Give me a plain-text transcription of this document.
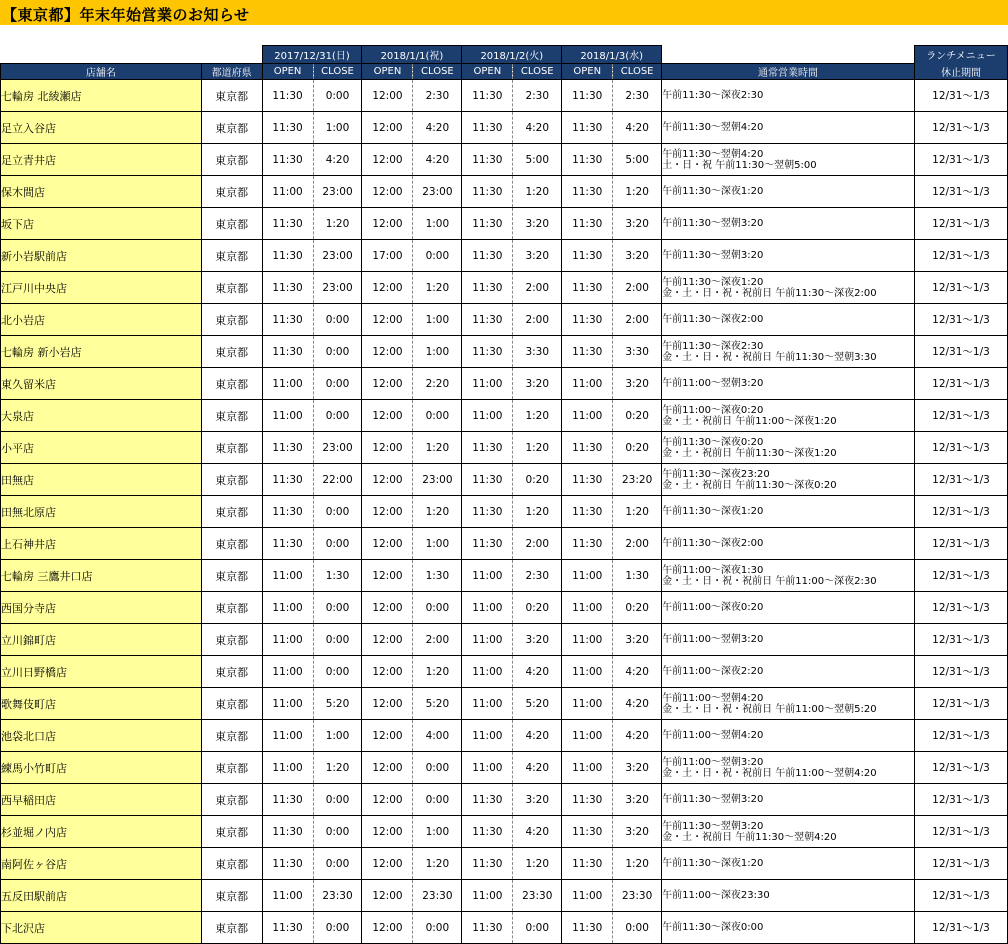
【東京都】年末年始営業のお知らせ
		2017/12/31(日)		2018/1/1(祝)		2018/1/2(火)		2018/1/3(水)			ランチメニュー
店舗名	都道府県	OPEN	CLOSE	OPEN	CLOSE	OPEN	CLOSE	OPEN	CLOSE	通常営業時間	休止期間
七輪房 北綾瀬店	東京都	11:30	0:00	12:00	2:30	11:30	2:30	11:30	2:30	午前11:30～深夜2:30	12/31～1/3
足立入谷店	東京都	11:30	1:00	12:00	4:20	11:30	4:20	11:30	4:20	午前11:30～翌朝4:20	12/31～1/3
足立青井店	東京都	11:30	4:20	12:00	4:20	11:30	5:00	11:30	5:00	午前11:30～翌朝4:20
土・日・祝 午前11:30～翌朝5:00	12/31～1/3
保木間店	東京都	11:00	23:00	12:00	23:00	11:30	1:20	11:30	1:20	午前11:30～深夜1:20	12/31～1/3
坂下店	東京都	11:30	1:20	12:00	1:00	11:30	3:20	11:30	3:20	午前11:30～翌朝3:20	12/31～1/3
新小岩駅前店	東京都	11:30	23:00	17:00	0:00	11:30	3:20	11:30	3:20	午前11:30～翌朝3:20	12/31～1/3
江戸川中央店	東京都	11:30	23:00	12:00	1:20	11:30	2:00	11:30	2:00	午前11:30～深夜1:20
金・土・日・祝・祝前日 午前11:30～深夜2:00	12/31～1/3
北小岩店	東京都	11:30	0:00	12:00	1:00	11:30	2:00	11:30	2:00	午前11:30～深夜2:00	12/31～1/3
七輪房 新小岩店	東京都	11:30	0:00	12:00	1:00	11:30	3:30	11:30	3:30	午前11:30～深夜2:30
金・土・日・祝・祝前日 午前11:30～翌朝3:30	12/31～1/3
東久留米店	東京都	11:00	0:00	12:00	2:20	11:00	3:20	11:00	3:20	午前11:00～翌朝3:20	12/31～1/3
大泉店	東京都	11:00	0:00	12:00	0:00	11:00	1:20	11:00	0:20	午前11:00～深夜0:20
金・土・祝前日 午前11:00～深夜1:20	12/31～1/3
小平店	東京都	11:30	23:00	12:00	1:20	11:30	1:20	11:30	0:20	午前11:30～深夜0:20
金・土・祝前日 午前11:30～深夜1:20	12/31～1/3
田無店	東京都	11:30	22:00	12:00	23:00	11:30	0:20	11:30	23:20	午前11:30～深夜23:20
金・土・祝前日 午前11:30～深夜0:20	12/31～1/3
田無北原店	東京都	11:30	0:00	12:00	1:20	11:30	1:20	11:30	1:20	午前11:30～深夜1:20	12/31～1/3
上石神井店	東京都	11:30	0:00	12:00	1:00	11:30	2:00	11:30	2:00	午前11:30～深夜2:00	12/31～1/3
七輪房 三鷹井口店	東京都	11:00	1:30	12:00	1:30	11:00	2:30	11:00	1:30	午前11:00～深夜1:30
金・土・日・祝・祝前日 午前11:00～深夜2:30	12/31～1/3
西国分寺店	東京都	11:00	0:00	12:00	0:00	11:00	0:20	11:00	0:20	午前11:00～深夜0:20	12/31～1/3
立川錦町店	東京都	11:00	0:00	12:00	2:00	11:00	3:20	11:00	3:20	午前11:00～翌朝3:20	12/31～1/3
立川日野橋店	東京都	11:00	0:00	12:00	1:20	11:00	4:20	11:00	4:20	午前11:00～深夜2:20	12/31～1/3
歌舞伎町店	東京都	11:00	5:20	12:00	5:20	11:00	5:20	11:00	4:20	午前11:00～翌朝4:20
金・土・日・祝・祝前日 午前11:00～翌朝5:20	12/31～1/3
池袋北口店	東京都	11:00	1:00	12:00	4:00	11:00	4:20	11:00	4:20	午前11:00～翌朝4:20	12/31～1/3
練馬小竹町店	東京都	11:00	1:20	12:00	0:00	11:00	4:20	11:00	3:20	午前11:00～翌朝3:20
金・土・日・祝・祝前日 午前11:00～翌朝4:20	12/31～1/3
西早稲田店	東京都	11:30	0:00	12:00	0:00	11:30	3:20	11:30	3:20	午前11:30～翌朝3:20	12/31～1/3
杉並堀ノ内店	東京都	11:30	0:00	12:00	1:00	11:30	4:20	11:30	3:20	午前11:30～翌朝3:20
金・土・祝前日 午前11:30～翌朝4:20	12/31～1/3
南阿佐ヶ谷店	東京都	11:30	0:00	12:00	1:20	11:30	1:20	11:30	1:20	午前11:30～深夜1:20	12/31～1/3
五反田駅前店	東京都	11:00	23:30	12:00	23:30	11:00	23:30	11:00	23:30	午前11:00～深夜23:30	12/31～1/3
下北沢店	東京都	11:30	0:00	12:00	0:00	11:30	0:00	11:30	0:00	午前11:30～深夜0:00	12/31～1/3
